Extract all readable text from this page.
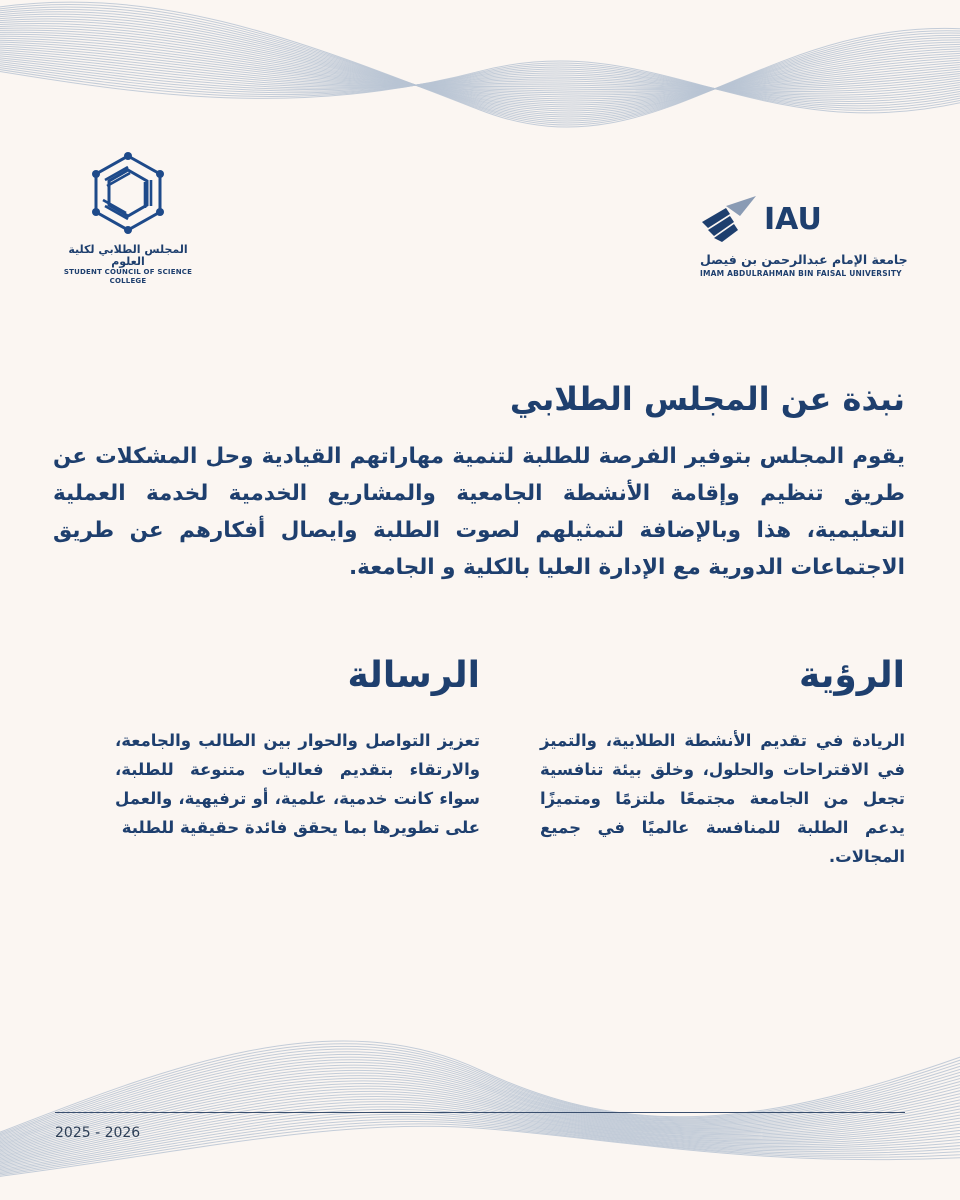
المجلس الطلابي لكلية العلوم
STUDENT COUNCIL OF SCIENCE COLLEGE
IAU
جامعة الإمام عبدالرحمن بن فيصل
IMAM ABDULRAHMAN BIN FAISAL UNIVERSITY
نبذة عن المجلس الطلابي
يقوم المجلس بتوفير الفرصة للطلبة لتنمية مهاراتهم القيادية وحل المشكلات عن طريق تنظيم وإقامة الأنشطة الجامعية والمشاريع الخدمية لخدمة العملية التعليمية، هذا وبالإضافة لتمثيلهم لصوت الطلبة وايصال أفكارهم عن طريق الاجتماعات الدورية مع الإدارة العليا بالكلية و الجامعة.
الرؤية
الريادة في تقديم الأنشطة الطلابية، والتميز في الاقتراحات والحلول، وخلق بيئة تنافسية تجعل من الجامعة مجتمعًا ملتزمًا ومتميزًا يدعم الطلبة للمنافسة عالميًا في جميع المجالات.
الرسالة
تعزيز التواصل والحوار بين الطالب والجامعة، والارتقاء بتقديم فعاليات متنوعة للطلبة، سواء كانت خدمية، علمية، أو ترفيهية، والعمل على تطويرها بما يحقق فائدة حقيقية للطلبة
2025 - 2026
